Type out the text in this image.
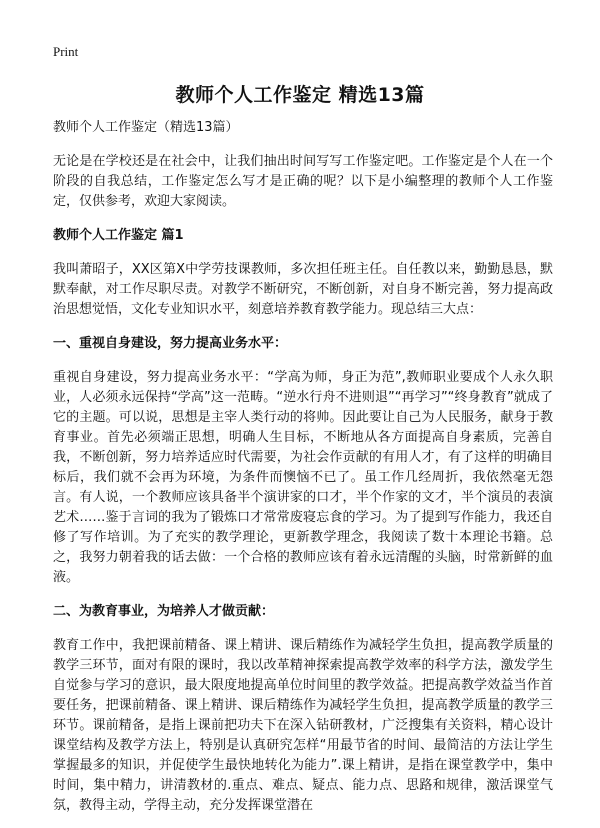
Print
教师个人工作鉴定 精选13篇

教师个人工作鉴定（精选13篇）

无论是在学校还是在社会中，让我们抽出时间写写工作鉴定吧。工作鉴定是个人在一个阶段的自我总结，工作鉴定怎么写才是正确的呢？以下是小编整理的教师个人工作鉴定，仅供参考，欢迎大家阅读。

教师个人工作鉴定 篇1

我叫萧昭子，XX区第X中学劳技课教师，多次担任班主任。自任教以来，勤勤恳恳，默默奉献，对工作尽职尽责。对教学不断研究，不断创新，对自身不断完善，努力提高政治思想觉悟，文化专业知识水平，刻意培养教育教学能力。现总结三大点：

一、重视自身建设，努力提高业务水平：

重视自身建设，努力提高业务水平：“学高为师，身正为范”,教师职业要成个人永久职业，人必须永远保持“学高”这一范畴。“逆水行舟不进则退”“再学习”“终身教育”就成了它的主题。可以说，思想是主宰人类行动的将帅。因此要让自己为人民服务，献身于教育事业。首先必须端正思想，明确人生目标，不断地从各方面提高自身素质，完善自我，不断创新，努力培养适应时代需要，为社会作贡献的有用人才，有了这样的明确目标后，我们就不会再为环境，为条件而懊恼不已了。虽工作几经周折，我依然毫无怨言。有人说，一个教师应该具备半个演讲家的口才，半个作家的文才，半个演员的表演艺术……鉴于言词的我为了锻炼口才常常废寝忘食的学习。为了提到写作能力，我还自修了写作培训。为了充实的教学理论，更新教学理念，我阅读了数十本理论书籍。总之，我努力朝着我的话去做：一个合格的教师应该有着永远清醒的头脑，时常新鲜的血液。

二、为教育事业，为培养人才做贡献：

教育工作中，我把课前精备、课上精讲、课后精练作为减轻学生负担，提高教学质量的教学三环节，面对有限的课时，我以改革精神探索提高教学效率的科学方法，激发学生自觉参与学习的意识，最大限度地提高单位时间里的教学效益。把提高教学效益当作首要任务，把课前精备、课上精讲、课后精练作为减轻学生负担，提高教学质量的教学三环节。课前精备，是指上课前把功夫下在深入钻研教材，广泛搜集有关资料，精心设计课堂结构及教学方法上，特别是认真研究怎样“用最节省的时间、最简洁的方法让学生掌握最多的知识，并促使学生最快地转化为能力”.课上精讲，是指在课堂教学中，集中时间，集中精力，讲清教材的.重点、难点、疑点、能力点、思路和规律，激活课堂气氛，教得主动，学得主动，充分发挥课堂潜在
